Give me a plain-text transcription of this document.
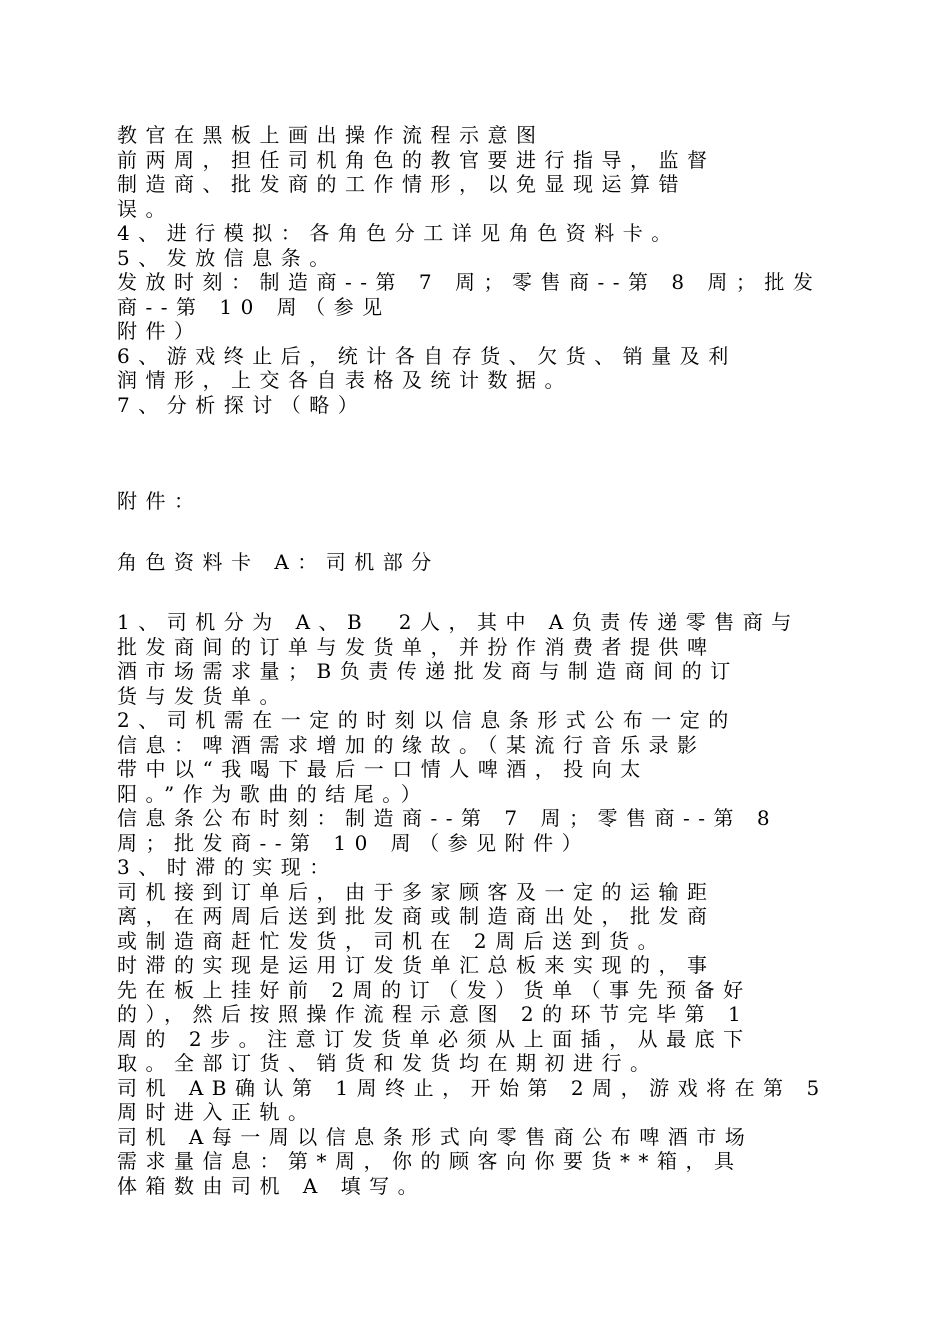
教官在黑板上画出操作流程示意图

前两周，担任司机角色的教官要进行指导，监督

制造商、批发商的工作情形，以免显现运算错

误。

4、进行模拟：各角色分工详见角色资料卡。

5、发放信息条。

发放时刻：制造商--第 7 周；零售商--第 8 周；批发

商--第 10 周（参见

附件）

6、游戏终止后，统计各自存货、欠货、销量及利

润情形，上交各自表格及统计数据。

7、分析探讨（略）

附件：

角色资料卡 A：司机部分

1、司机分为 A、B　2人，其中 A负责传递零售商与

批发商间的订单与发货单，并扮作消费者提供啤

酒市场需求量；B负责传递批发商与制造商间的订

货与发货单。

2、司机需在一定的时刻以信息条形式公布一定的

信息：啤酒需求增加的缘故。（某流行音乐录影

带中以“我喝下最后一口情人啤酒，投向太

阳。”作为歌曲的结尾。）

信息条公布时刻：制造商--第 7 周；零售商--第 8

周；批发商--第 10 周（参见附件）

3、时滞的实现：

司机接到订单后，由于多家顾客及一定的运输距

离，在两周后送到批发商或制造商出处，批发商

或制造商赶忙发货，司机在 2周后送到货。

时滞的实现是运用订发货单汇总板来实现的，事

先在板上挂好前 2周的订（发）货单（事先预备好

的），然后按照操作流程示意图 2的环节完毕第 1

周的 2步。注意订发货单必须从上面插，从最底下

取。全部订货、销货和发货均在期初进行。

司机 AB确认第 1周终止，开始第 2周，游戏将在第 5

周时进入正轨。

司机 A每一周以信息条形式向零售商公布啤酒市场

需求量信息：第*周，你的顾客向你要货**箱，具

体箱数由司机 A 填写。
